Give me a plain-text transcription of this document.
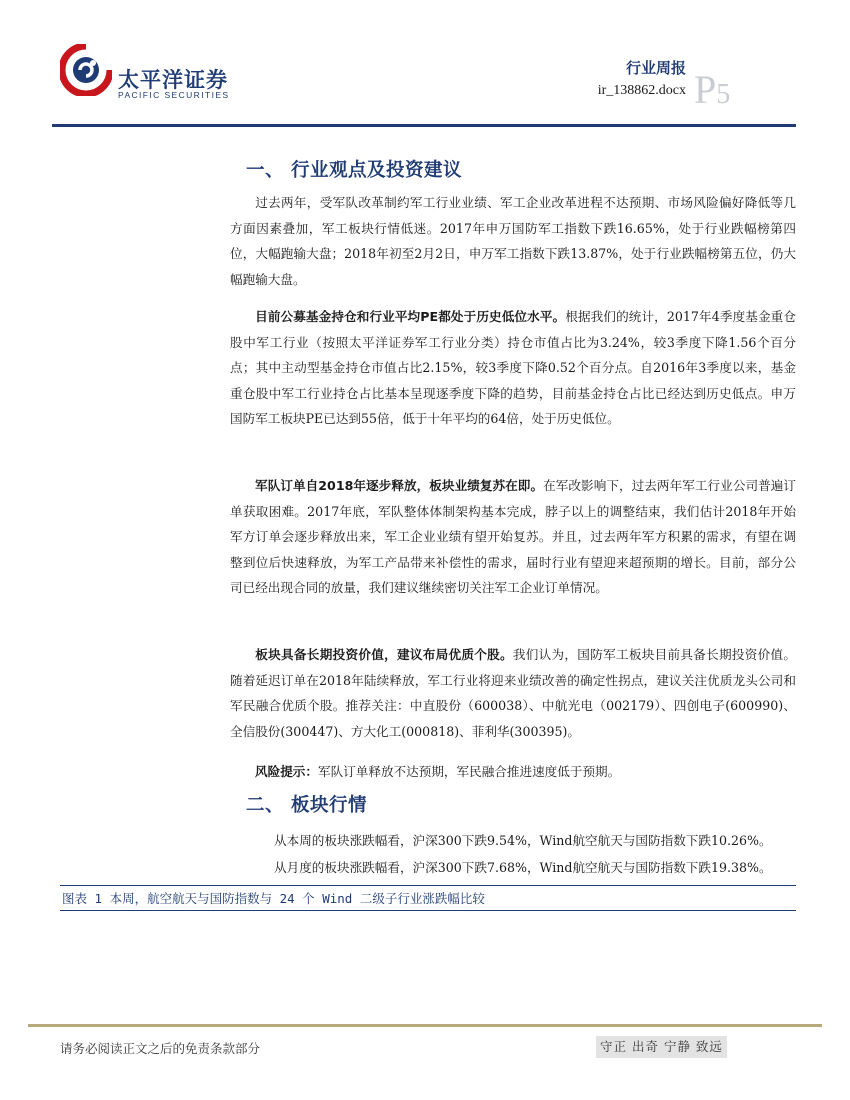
太平洋证券
PACIFIC SECURITIES
行业周报
ir_138862.docx P5
一、 行业观点及投资建议

过去两年，受军队改革制约军工行业业绩、军工企业改革进程不达预期、市场风险偏好降低等几方面因素叠加，军工板块行情低迷。2017年申万国防军工指数下跌16.65%，处于行业跌幅榜第四位，大幅跑输大盘；2018年初至2月2日，申万军工指数下跌13.87%，处于行业跌幅榜第五位，仍大幅跑输大盘。

目前公募基金持仓和行业平均PE都处于历史低位水平。根据我们的统计，2017年4季度基金重仓股中军工行业（按照太平洋证券军工行业分类）持仓市值占比为3.24%，较3季度下降1.56个百分点；其中主动型基金持仓市值占比2.15%，较3季度下降0.52个百分点。自2016年3季度以来，基金重仓股中军工行业持仓占比基本呈现逐季度下降的趋势，目前基金持仓占比已经达到历史低点。申万国防军工板块PE已达到55倍，低于十年平均的64倍，处于历史低位。

军队订单自2018年逐步释放，板块业绩复苏在即。在军改影响下，过去两年军工行业公司普遍订单获取困难。2017年底，军队整体体制架构基本完成，脖子以上的调整结束，我们估计2018年开始军方订单会逐步释放出来，军工企业业绩有望开始复苏。并且，过去两年军方积累的需求，有望在调整到位后快速释放，为军工产品带来补偿性的需求，届时行业有望迎来超预期的增长。目前，部分公司已经出现合同的放量，我们建议继续密切关注军工企业订单情况。

板块具备长期投资价值，建议布局优质个股。我们认为，国防军工板块目前具备长期投资价值。随着延迟订单在2018年陆续释放，军工行业将迎来业绩改善的确定性拐点，建议关注优质龙头公司和军民融合优质个股。推荐关注：中直股份（600038）、中航光电（002179）、四创电子(600990)、全信股份(300447)、方大化工(000818)、菲利华(300395)。

风险提示：军队订单释放不达预期，军民融合推进速度低于预期。

二、 板块行情
从本周的板块涨跌幅看，沪深300下跌9.54%，Wind航空航天与国防指数下跌10.26%。
从月度的板块涨跌幅看，沪深300下跌7.68%，Wind航空航天与国防指数下跌19.38%。
图表 1 本周，航空航天与国防指数与 24 个 Wind 二级子行业涨跌幅比较
请务必阅读正文之后的免责条款部分	守正 出奇 宁静 致远
